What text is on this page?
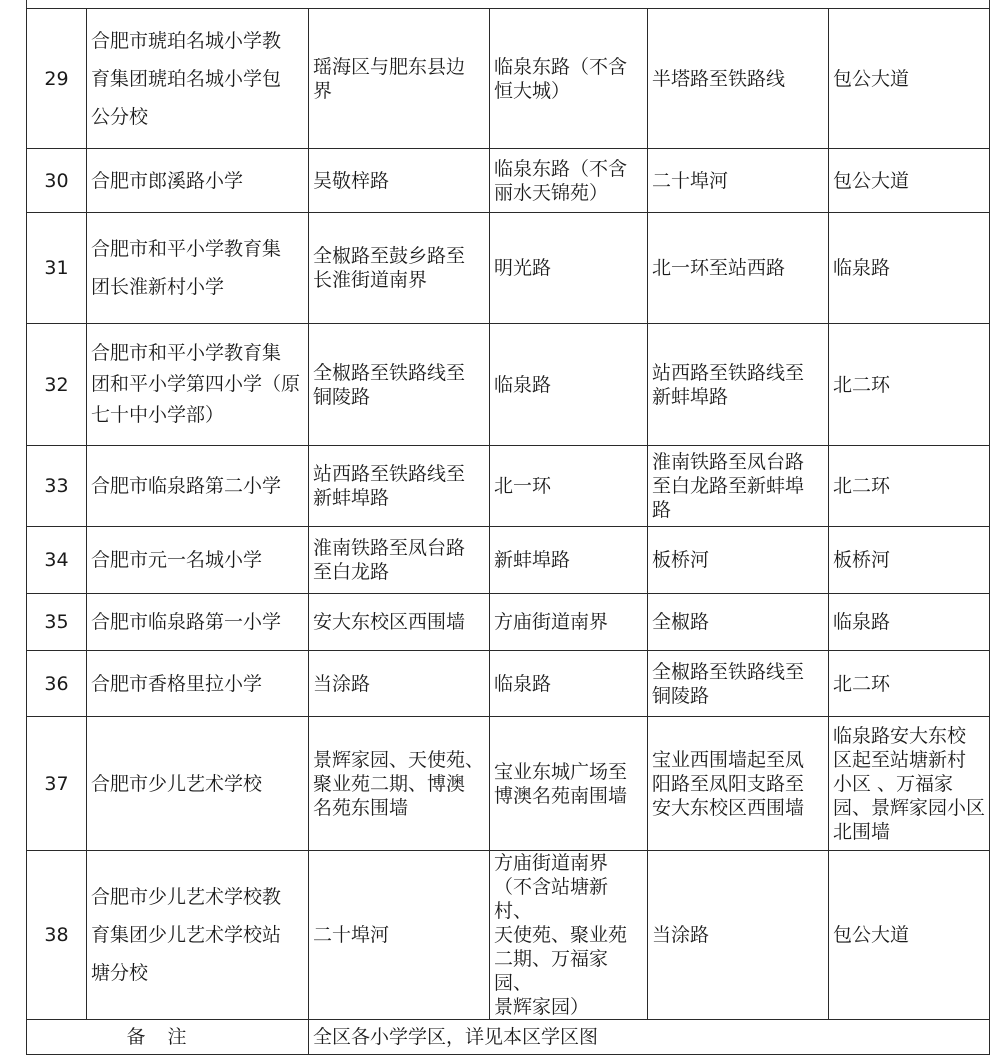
29	合肥市琥珀名城小学教
育集团琥珀名城小学包
公分校	瑶海区与肥东县边
界	临泉东路（不含
恒大城）	半塔路至铁路线	包公大道
30	合肥市郎溪路小学	吴敬梓路	临泉东路（不含
丽水天锦苑）	二十埠河	包公大道
31	合肥市和平小学教育集
团长淮新村小学	全椒路至鼓乡路至
长淮街道南界	明光路	北一环至站西路	临泉路
32	合肥市和平小学教育集
团和平小学第四小学（原
七十中小学部）	全椒路至铁路线至
铜陵路	临泉路	站西路至铁路线至
新蚌埠路	北二环
33	合肥市临泉路第二小学	站西路至铁路线至
新蚌埠路	北一环	淮南铁路至凤台路
至白龙路至新蚌埠
路	北二环
34	合肥市元一名城小学	淮南铁路至凤台路
至白龙路	新蚌埠路	板桥河	板桥河
35	合肥市临泉路第一小学	安大东校区西围墙	方庙街道南界	全椒路	临泉路
36	合肥市香格里拉小学	当涂路	临泉路	全椒路至铁路线至
铜陵路	北二环
37	合肥市少儿艺术学校	景辉家园、天使苑、
聚业苑二期、博澳
名苑东围墙	宝业东城广场至
博澳名苑南围墙	宝业西围墙起至凤
阳路至凤阳支路至
安大东校区西围墙	临泉路安大东校
区起至站塘新村
小区 、万福家
园、景辉家园小区
北围墙
38	合肥市少儿艺术学校教
育集团少儿艺术学校站
塘分校	二十埠河	方庙街道南界
（不含站塘新村、
天使苑、聚业苑
二期、万福家园、
景辉家园）	当涂路	包公大道
备注		全区各小学学区，详见本区学区图			
